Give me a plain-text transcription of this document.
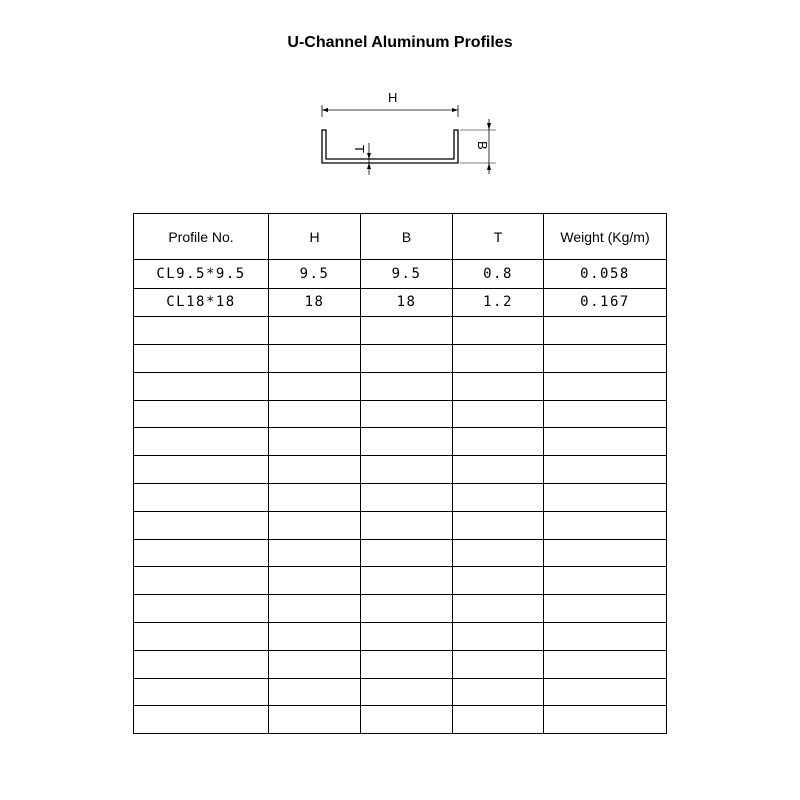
U-Channel Aluminum Profiles
H
B
T
Profile No.	H	B	T	Weight (Kg/m)
CL9.5*9.5	9.5	9.5	0.8	0.058
CL18*18	18	18	1.2	0.167
